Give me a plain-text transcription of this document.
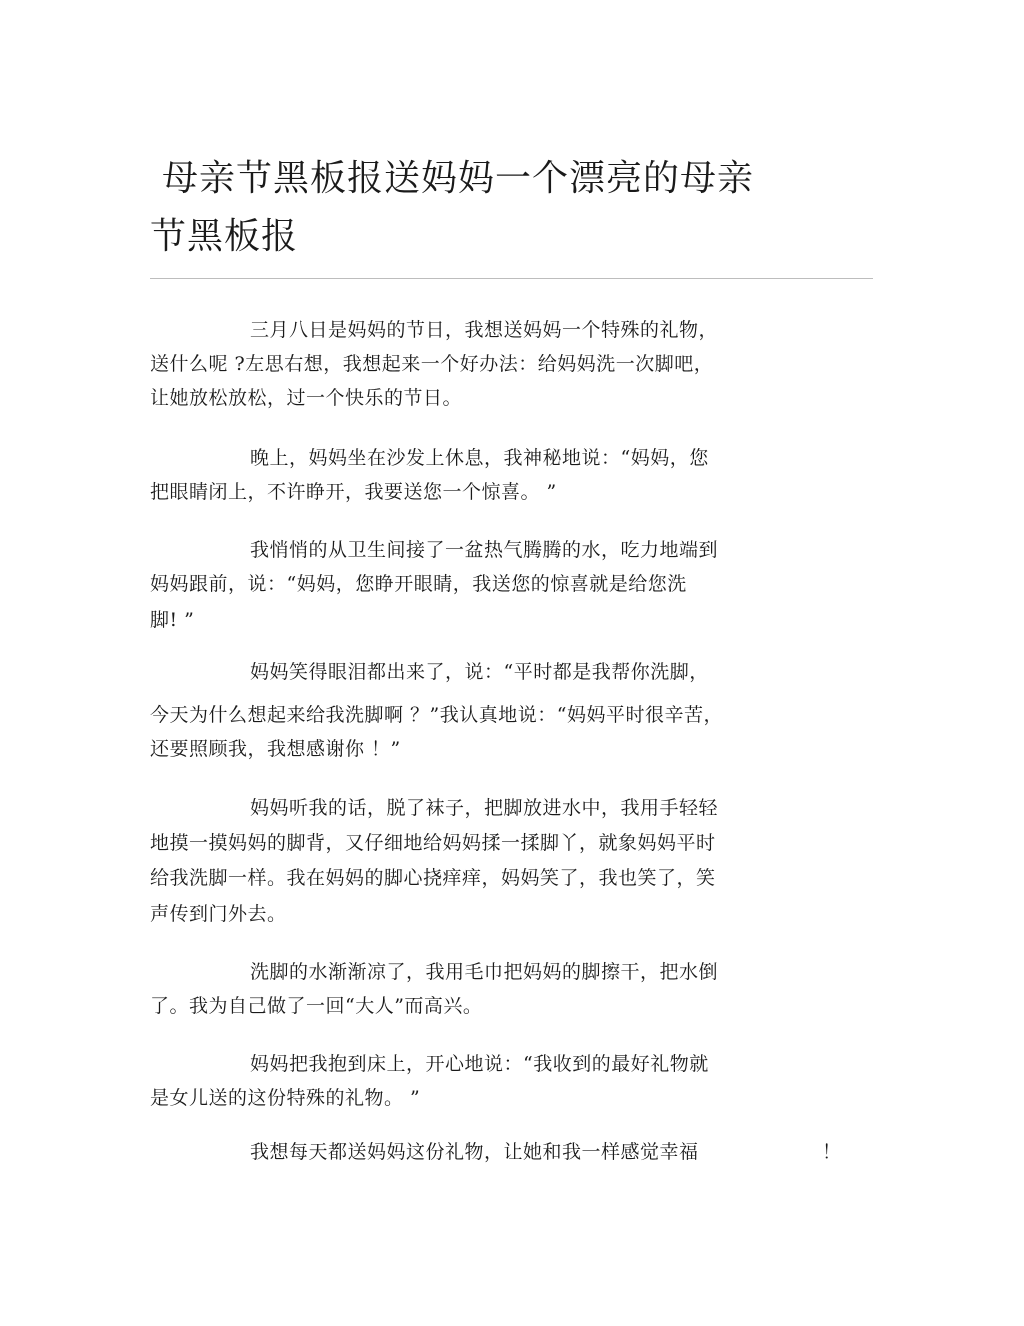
母亲节黑板报送妈妈一个漂亮的母亲
节黑板报
三月八日是妈妈的节日，我想送妈妈一个特殊的礼物，
送什么呢 ?左思右想，我想起来一个好办法：给妈妈洗一次脚吧，
让她放松放松，过一个快乐的节日。
晚上，妈妈坐在沙发上休息，我神秘地说：“妈妈，您
把眼睛闭上，不许睁开，我要送您一个惊喜。 ”
我悄悄的从卫生间接了一盆热气腾腾的水，吃力地端到
妈妈跟前，说：“妈妈，您睁开眼睛，我送您的惊喜就是给您洗
脚! ”
妈妈笑得眼泪都出来了，说：“平时都是我帮你洗脚，
今天为什么想起来给我洗脚啊 ？”我认真地说：“妈妈平时很辛苦，
还要照顾我，我想感谢你 ！”
妈妈听我的话，脱了袜子，把脚放进水中，我用手轻轻
地摸一摸妈妈的脚背，又仔细地给妈妈揉一揉脚丫，就象妈妈平时
给我洗脚一样。我在妈妈的脚心挠痒痒，妈妈笑了，我也笑了，笑
声传到门外去。
洗脚的水渐渐凉了，我用毛巾把妈妈的脚擦干，把水倒
了。我为自己做了一回“大人”而高兴。
妈妈把我抱到床上，开心地说：“我收到的最好礼物就
是女儿送的这份特殊的礼物。 ”
我想每天都送妈妈这份礼物，让她和我一样感觉幸福	！
